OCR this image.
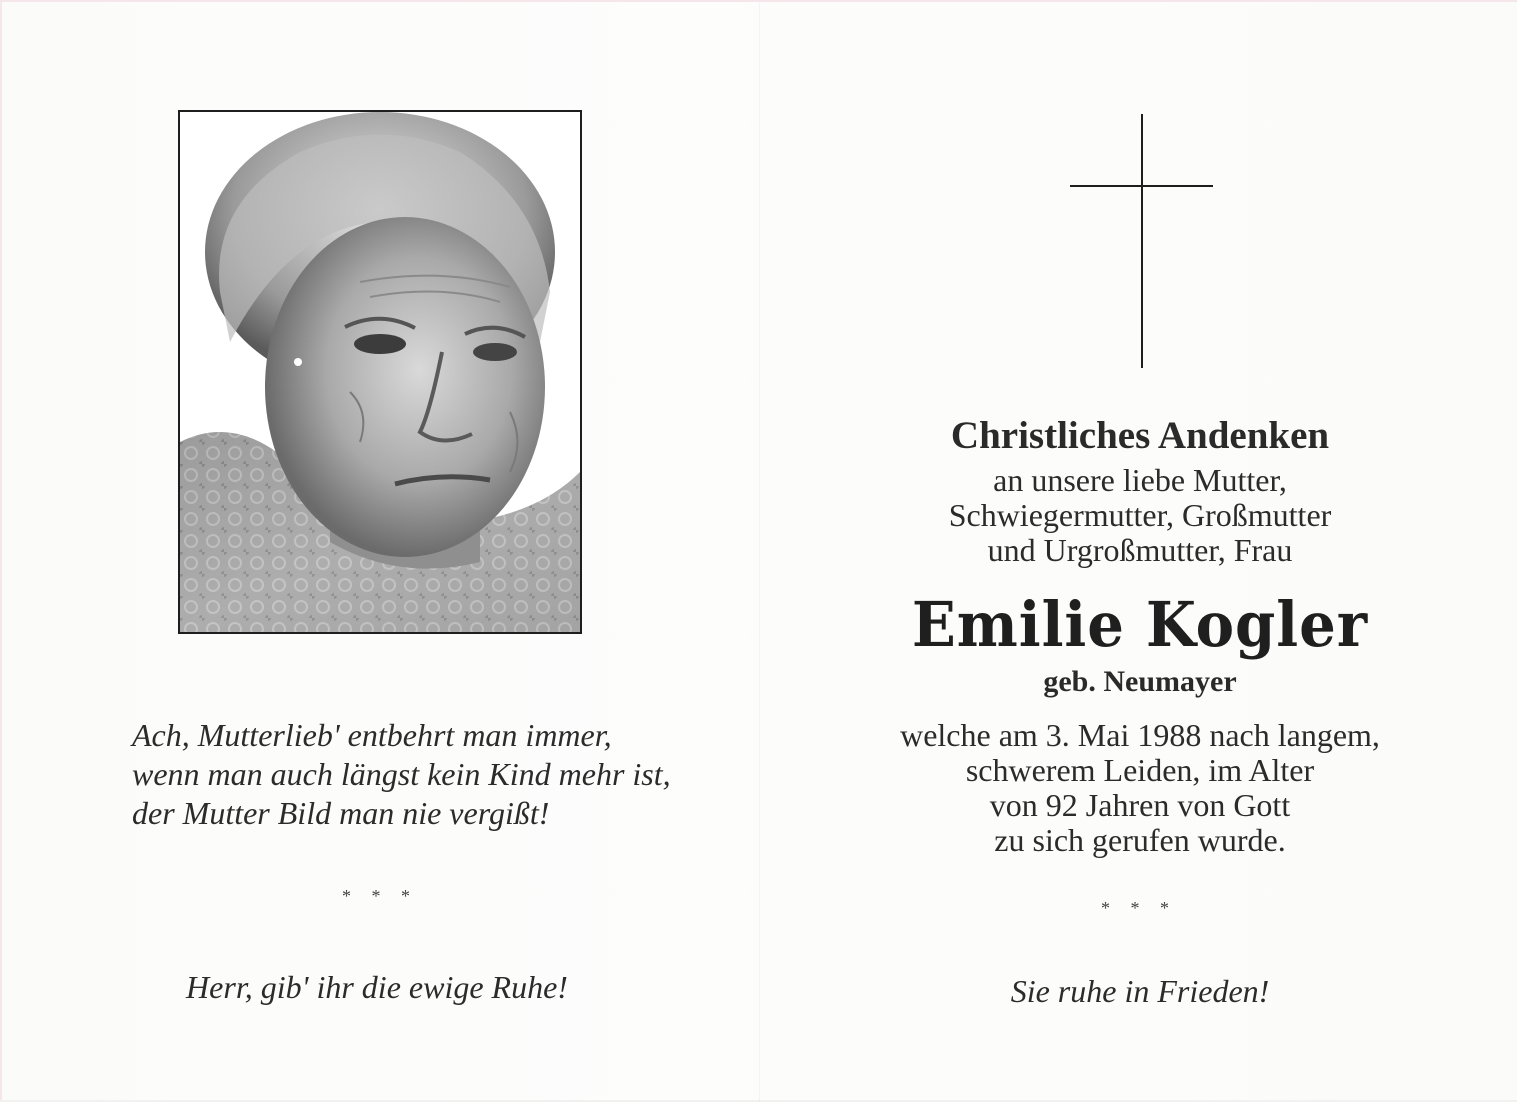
Ach, Mutterlieb' entbehrt man immer,
wenn man auch längst kein Kind mehr ist,
der Mutter Bild man nie vergißt!
* * *
Herr, gib' ihr die ewige Ruhe!
Christliches Andenken
an unsere liebe Mutter,
Schwiegermutter, Großmutter
und Urgroßmutter, Frau
Emilie Kogler
geb. Neumayer
welche am 3. Mai 1988 nach langem,
schwerem Leiden, im Alter
von 92 Jahren von Gott
zu sich gerufen wurde.
* * *
Sie ruhe in Frieden!
